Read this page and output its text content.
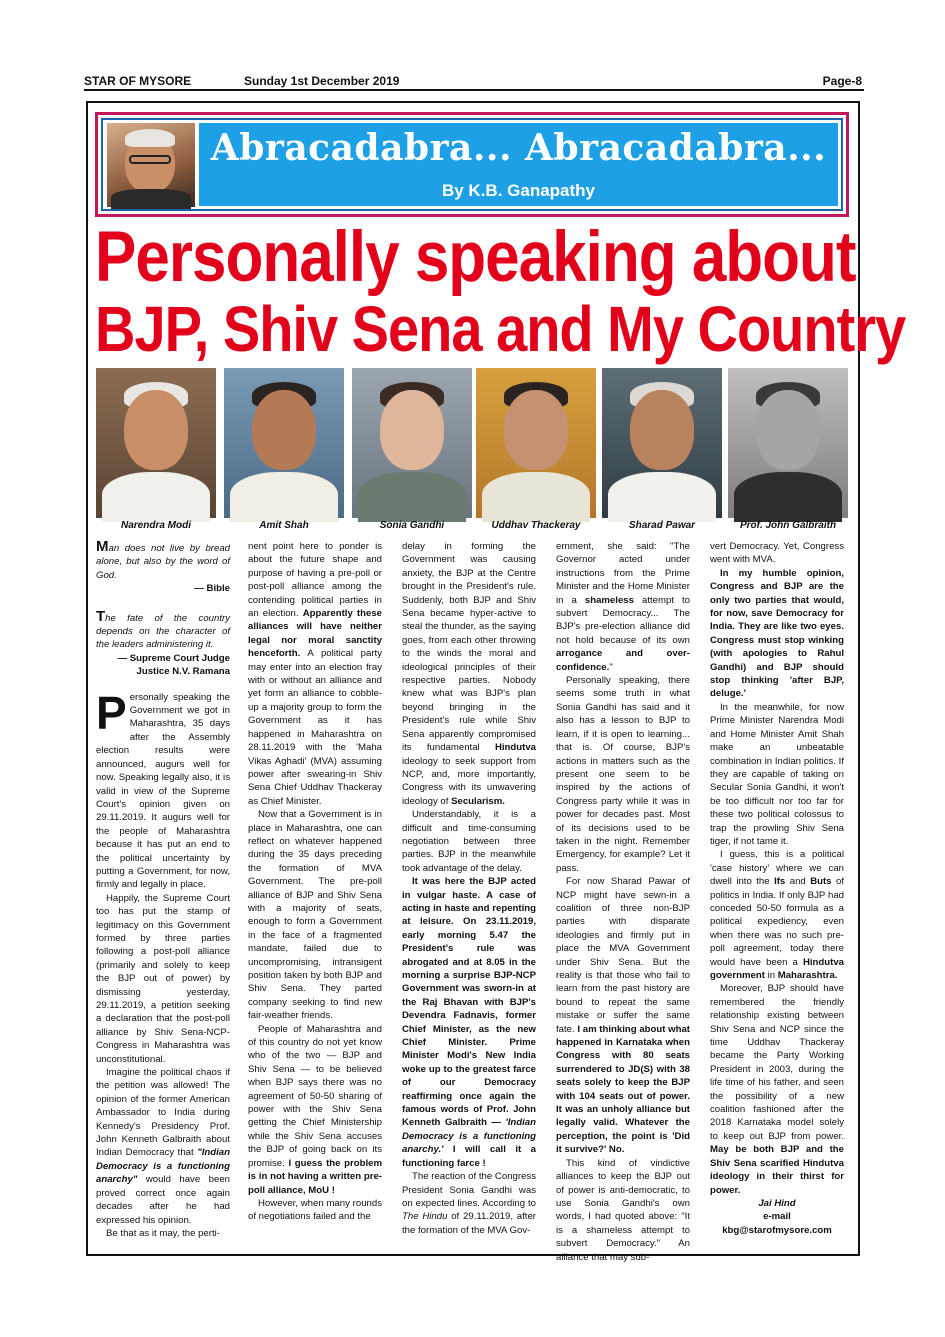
STAR OF MYSORE	Sunday 1st December 2019	Page-8
Abracadabra... Abracadabra...
By K.B. Ganapathy
Personally speaking about
BJP, Shiv Sena and My Country
Narendra Modi	Amit Shah	Sonia Gandhi	Uddhav Thackeray	Sharad Pawar	Prof. John Galbraith
Man does not live by bread alone, but also by the word of God.
— Bible
The fate of the country depends on the character of the leaders administering it.
— Supreme Court Judge Justice N.V. Ramana

Personally speaking the Government we got in Maharashtra, 35 days after the Assembly election results were announced, augurs well for now. Speaking legally also, it is valid in view of the Supreme Court's opinion given on 29.11.2019. It augurs well for the people of Maharashtra because it has put an end to the political uncertainty by putting a Government, for now, firmly and legally in place.

Happily, the Supreme Court too has put the stamp of legitimacy on this Government formed by three parties following a post-poll alliance (primarily and solely to keep the BJP out of power) by dismissing yesterday, 29.11.2019, a petition seeking a declaration that the post-poll alliance by Shiv Sena-NCP-Congress in Maharashtra was unconstitutional.

Imagine the political chaos if the petition was allowed! The opinion of the former American Ambassador to India during Kennedy's Presidency Prof. John Kenneth Galbraith about Indian Democracy that "Indian Democracy is a functioning anarchy" would have been proved correct once again decades after he had expressed his opinion.

Be that as it may, the perti-

nent point here to ponder is about the future shape and purpose of having a pre-poll or post-poll alliance among the contending political parties in an election. Apparently these alliances will have neither legal nor moral sanctity henceforth. A political party may enter into an election fray with or without an alliance and yet form an alliance to cobble-up a majority group to form the Government as it has happened in Maharashtra on 28.11.2019 with the 'Maha Vikas Aghadi' (MVA) assuming power after swearing-in Shiv Sena Chief Uddhav Thackeray as Chief Minister.

Now that a Government is in place in Maharashtra, one can reflect on whatever happened during the 35 days preceding the formation of MVA Government. The pre-poll alliance of BJP and Shiv Sena with a majority of seats, enough to form a Government in the face of a fragmented mandate, failed due to uncompromising, intransigent position taken by both BJP and Shiv Sena. They parted company seeking to find new fair-weather friends.

People of Maharashtra and of this country do not yet know who of the two — BJP and Shiv Sena — to be believed when BJP says there was no agreement of 50-50 sharing of power with the Shiv Sena getting the Chief Ministership while the Shiv Sena accuses the BJP of going back on its promise. I guess the problem is in not having a written pre-poll alliance, MoU !

However, when many rounds of negotiations failed and the

delay in forming the Government was causing anxiety, the BJP at the Centre brought in the President's rule. Suddenly, both BJP and Shiv Sena became hyper-active to steal the thunder, as the saying goes, from each other throwing to the winds the moral and ideological principles of their respective parties. Nobody knew what was BJP's plan beyond bringing in the President's rule while Shiv Sena apparently compromised its fundamental Hindutva ideology to seek support from NCP, and, more importantly, Congress with its unwavering ideology of Secularism.

Understandably, it is a difficult and time-consuming negotiation between three parties. BJP in the meanwhile took advantage of the delay.

It was here the BJP acted in vulgar haste. A case of acting in haste and repenting at leisure. On 23.11.2019, early morning 5.47 the President's rule was abrogated and at 8.05 in the morning a surprise BJP-NCP Government was sworn-in at the Raj Bhavan with BJP's Devendra Fadnavis, former Chief Minister, as the new Chief Minister. Prime Minister Modi's New India woke up to the greatest farce of our Democracy reaffirming once again the famous words of Prof. John Kenneth Galbraith — 'Indian Democracy is a functioning anarchy.' I will call it a functioning farce !

The reaction of the Congress President Sonia Gandhi was on expected lines. According to The Hindu of 29.11.2019, after the formation of the MVA Gov-

ernment, she said: "The Governor acted under instructions from the Prime Minister and the Home Minister in a shameless attempt to subvert Democracy... The BJP's pre-election alliance did not hold because of its own arrogance and over-confidence."

Personally speaking, there seems some truth in what Sonia Gandhi has said and it also has a lesson to BJP to learn, if it is open to learning... that is. Of course, BJP's actions in matters such as the present one seem to be inspired by the actions of Congress party while it was in power for decades past. Most of its decisions used to be taken in the night. Remember Emergency, for example? Let it pass.

For now Sharad Pawar of NCP might have sewn-in a coalition of three non-BJP parties with disparate ideologies and firmly put in place the MVA Government under Shiv Sena. But the reality is that those who fail to learn from the past history are bound to repeat the same mistake or suffer the same fate. I am thinking about what happened in Karnataka when Congress with 80 seats surrendered to JD(S) with 38 seats solely to keep the BJP with 104 seats out of power. It was an unholy alliance but legally valid. Whatever the perception, the point is 'Did it survive?' No.

This kind of vindictive alliances to keep the BJP out of power is anti-democratic, to use Sonia Gandhi's own words, I had quoted above: "It is a shameless attempt to subvert Democracy." An alliance that may sub-

vert Democracy. Yet, Congress went with MVA.

In my humble opinion, Congress and BJP are the only two parties that would, for now, save Democracy for India. They are like two eyes. Congress must stop winking (with apologies to Rahul Gandhi) and BJP should stop thinking 'after BJP, deluge.'

In the meanwhile, for now Prime Minister Narendra Modi and Home Minister Amit Shah make an unbeatable combination in Indian politics. If they are capable of taking on Secular Sonia Gandhi, it won't be too difficult nor too far for these two political colossus to trap the prowling Shiv Sena tiger, if not tame it.

I guess, this is a political 'case history' where we can dwell into the Ifs and Buts of politics in India. If only BJP had conceded 50-50 formula as a political expediency, even when there was no such pre-poll agreement, today there would have been a Hindutva government in Maharashtra.

Moreover, BJP should have remembered the friendly relationship existing between Shiv Sena and NCP since the time Uddhav Thackeray became the Party Working President in 2003, during the life time of his father, and seen the possibility of a new coalition fashioned after the 2018 Karnataka model solely to keep out BJP from power. May be both BJP and the Shiv Sena scarified Hindutva ideology in their thirst for power.

Jai Hind
e-mail
kbg@starofmysore.com
